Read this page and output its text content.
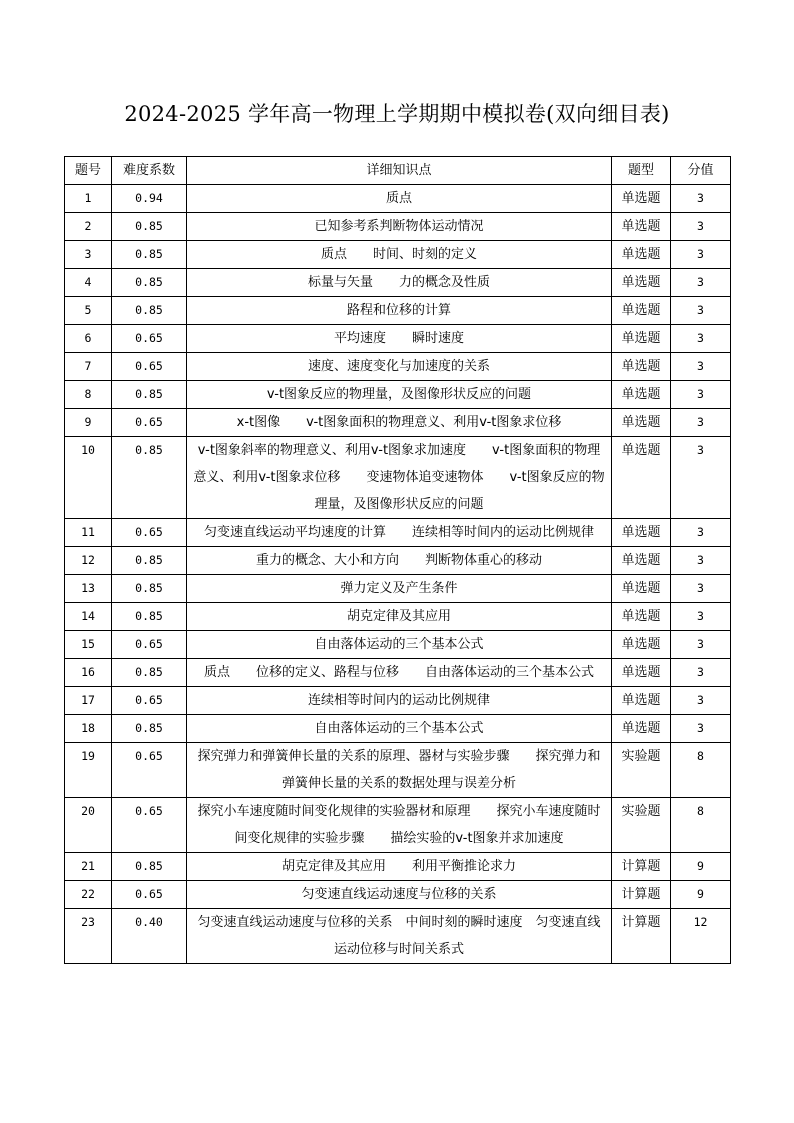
2024-2025 学年高一物理上学期期中模拟卷(双向细目表)
题号	难度系数	详细知识点	题型	分值
1	0.94	质点	单选题	3
2	0.85	已知参考系判断物体运动情况	单选题	3
3	0.85	质点　　时间、时刻的定义	单选题	3
4	0.85	标量与矢量　　力的概念及性质	单选题	3
5	0.85	路程和位移的计算	单选题	3
6	0.65	平均速度　　瞬时速度	单选题	3
7	0.65	速度、速度变化与加速度的关系	单选题	3
8	0.85	v-t图象反应的物理量，及图像形状反应的问题	单选题	3
9	0.65	x-t图像　　v-t图象面积的物理意义、利用v-t图象求位移	单选题	3
10	0.85	v-t图象斜率的物理意义、利用v-t图象求加速度　　v-t图象面积的物理意义、利用v-t图象求位移　　变速物体追变速物体　　v-t图象反应的物理量，及图像形状反应的问题	单选题	3
11	0.65	匀变速直线运动平均速度的计算　　连续相等时间内的运动比例规律	单选题	3
12	0.85	重力的概念、大小和方向　　判断物体重心的移动	单选题	3
13	0.85	弹力定义及产生条件	单选题	3
14	0.85	胡克定律及其应用	单选题	3
15	0.65	自由落体运动的三个基本公式	单选题	3
16	0.85	质点　　位移的定义、路程与位移　　自由落体运动的三个基本公式	单选题	3
17	0.65	连续相等时间内的运动比例规律	单选题	3
18	0.85	自由落体运动的三个基本公式	单选题	3
19	0.65	探究弹力和弹簧伸长量的关系的原理、器材与实验步骤　　探究弹力和弹簧伸长量的关系的数据处理与误差分析	实验题	8
20	0.65	探究小车速度随时间变化规律的实验器材和原理　　探究小车速度随时间变化规律的实验步骤　　描绘实验的v-t图象并求加速度	实验题	8
21	0.85	胡克定律及其应用　　利用平衡推论求力	计算题	9
22	0.65	匀变速直线运动速度与位移的关系	计算题	9
23	0.40	匀变速直线运动速度与位移的关系　中间时刻的瞬时速度　匀变速直线运动位移与时间关系式	计算题	12
